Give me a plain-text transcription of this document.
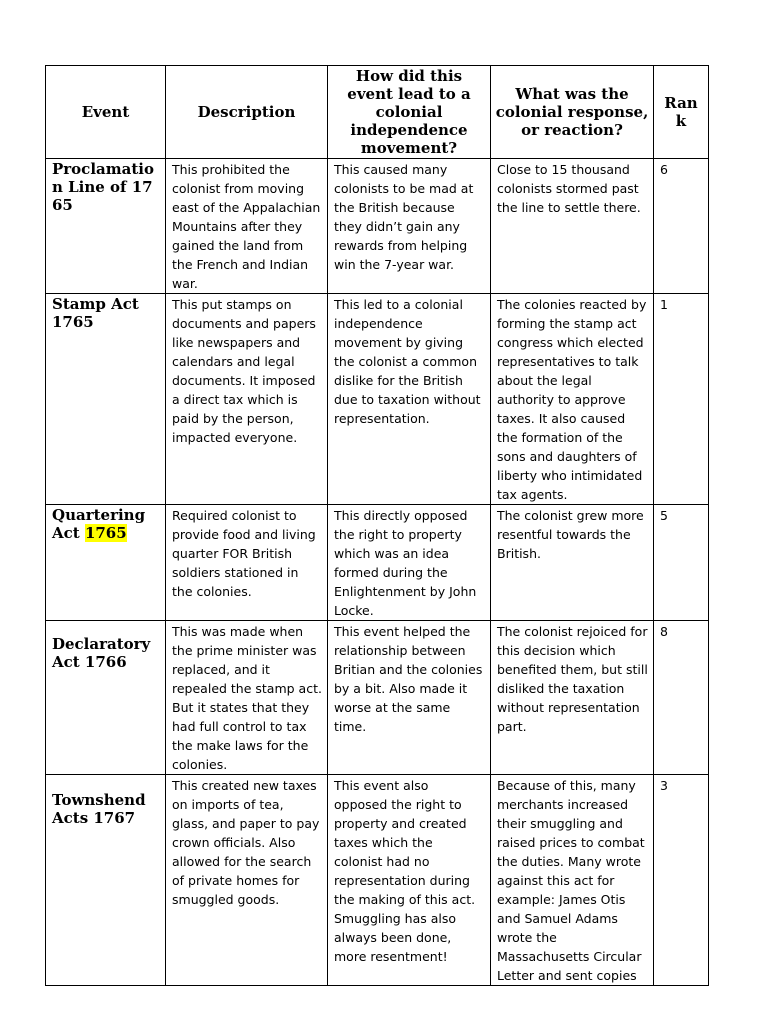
Event	Description	How did this event lead to a colonial independence movement?	What was the colonial response, or reaction?	Ran k
Proclamation Line of 1765	This prohibited the colonist from moving east of the Appalachian Mountains after they gained the land from the French and Indian war.	This caused many colonists to be mad at the British because they didn’t gain any rewards from helping win the 7-year war.	Close to 15 thousand colonists stormed past the line to settle there.	6
Stamp Act 1765	This put stamps on documents and papers like newspapers and calendars and legal documents. It imposed a direct tax which is paid by the person, impacted everyone.	This led to a colonial independence movement by giving the colonist a common dislike for the British due to taxation without representation.	The colonies reacted by forming the stamp act congress which elected representatives to talk about the legal authority to approve taxes. It also caused the formation of the sons and daughters of liberty who intimidated tax agents.	1
Quartering Act 1765	Required colonist to provide food and living quarter FOR British soldiers stationed in the colonies.	This directly opposed the right to property which was an idea formed during the Enlightenment by John Locke.	The colonist grew more resentful towards the British.	5
Declaratory Act 1766	This was made when the prime minister was replaced, and it repealed the stamp act. But it states that they had full control to tax the make laws for the colonies.	This event helped the relationship between Britian and the colonies by a bit. Also made it worse at the same time.	The colonist rejoiced for this decision which benefited them, but still disliked the taxation without representation part.	8
Townshend Acts 1767	This created new taxes on imports of tea, glass, and paper to pay crown officials. Also allowed for the search of private homes for smuggled goods.	This event also opposed the right to property and created taxes which the colonist had no representation during the making of this act. Smuggling has also always been done, more resentment!	Because of this, many merchants increased their smuggling and raised prices to combat the duties. Many wrote against this act for example: James Otis and Samuel Adams wrote the Massachusetts Circular Letter and sent copies	3
